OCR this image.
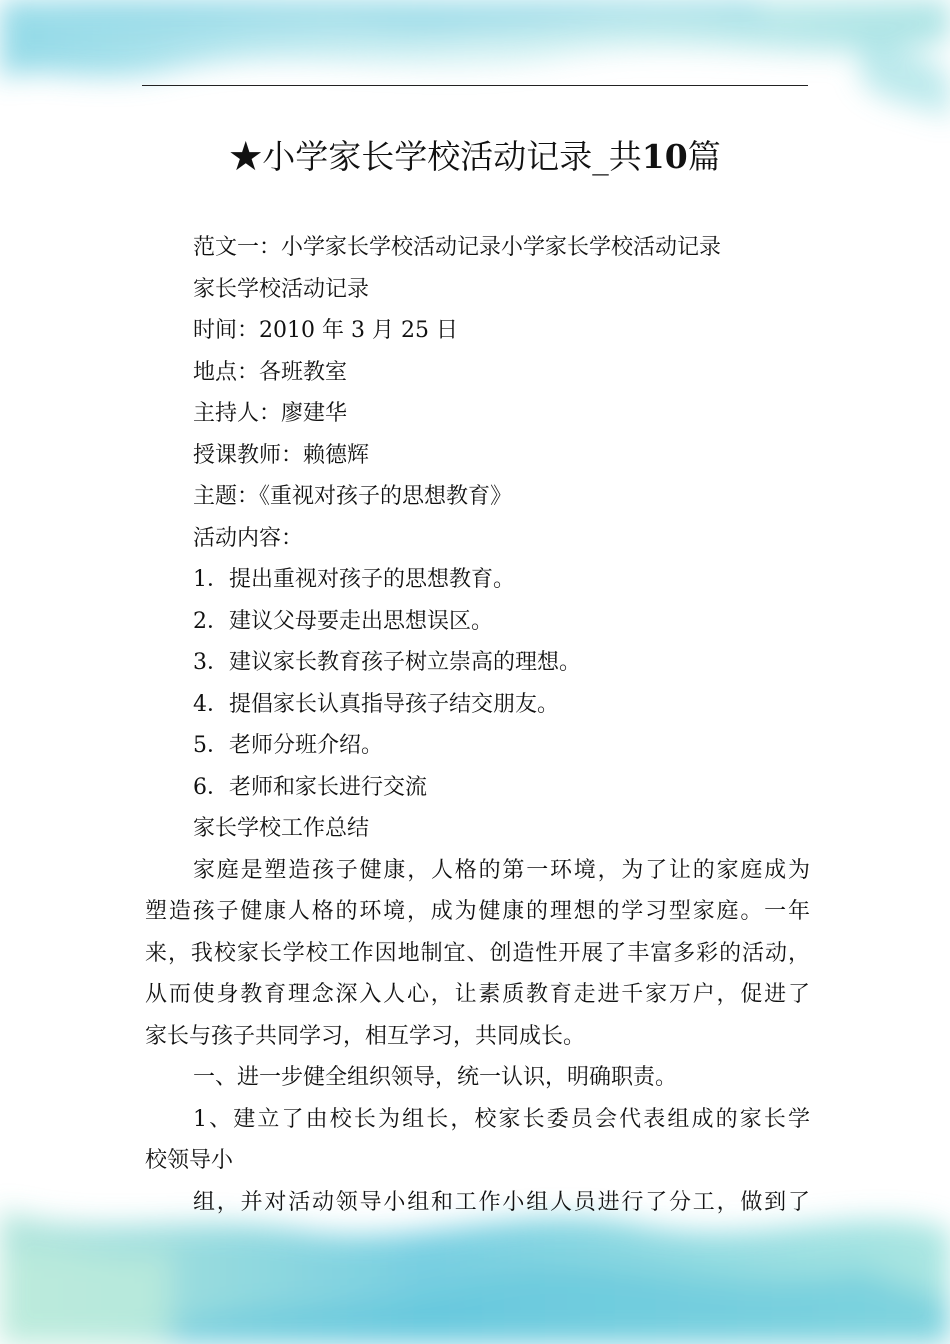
★小学家长学校活动记录_共10篇
范文一：小学家长学校活动记录小学家长学校活动记录
家长学校活动记录
时间：2010 年 3 月 25 日
地点：各班教室
主持人：廖建华
授课教师：赖德辉
主题：《重视对孩子的思想教育》
活动内容：
1．提出重视对孩子的思想教育。
2．建议父母要走出思想误区。
3．建议家长教育孩子树立崇高的理想。
4．提倡家长认真指导孩子结交朋友。
5．老师分班介绍。
6．老师和家长进行交流
家长学校工作总结
家庭是塑造孩子健康，人格的第一环境，为了让的家庭成为
塑造孩子健康人格的环境，成为健康的理想的学习型家庭。一年
来，我校家长学校工作因地制宜、创造性开展了丰富多彩的活动，
从而使身教育理念深入人心，让素质教育走进千家万户，促进了
家长与孩子共同学习，相互学习，共同成长。
一、进一步健全组织领导，统一认识，明确职责。
1、建立了由校长为组长，校家长委员会代表组成的家长学
校领导小
组，并对活动领导小组和工作小组人员进行了分工，做到了
